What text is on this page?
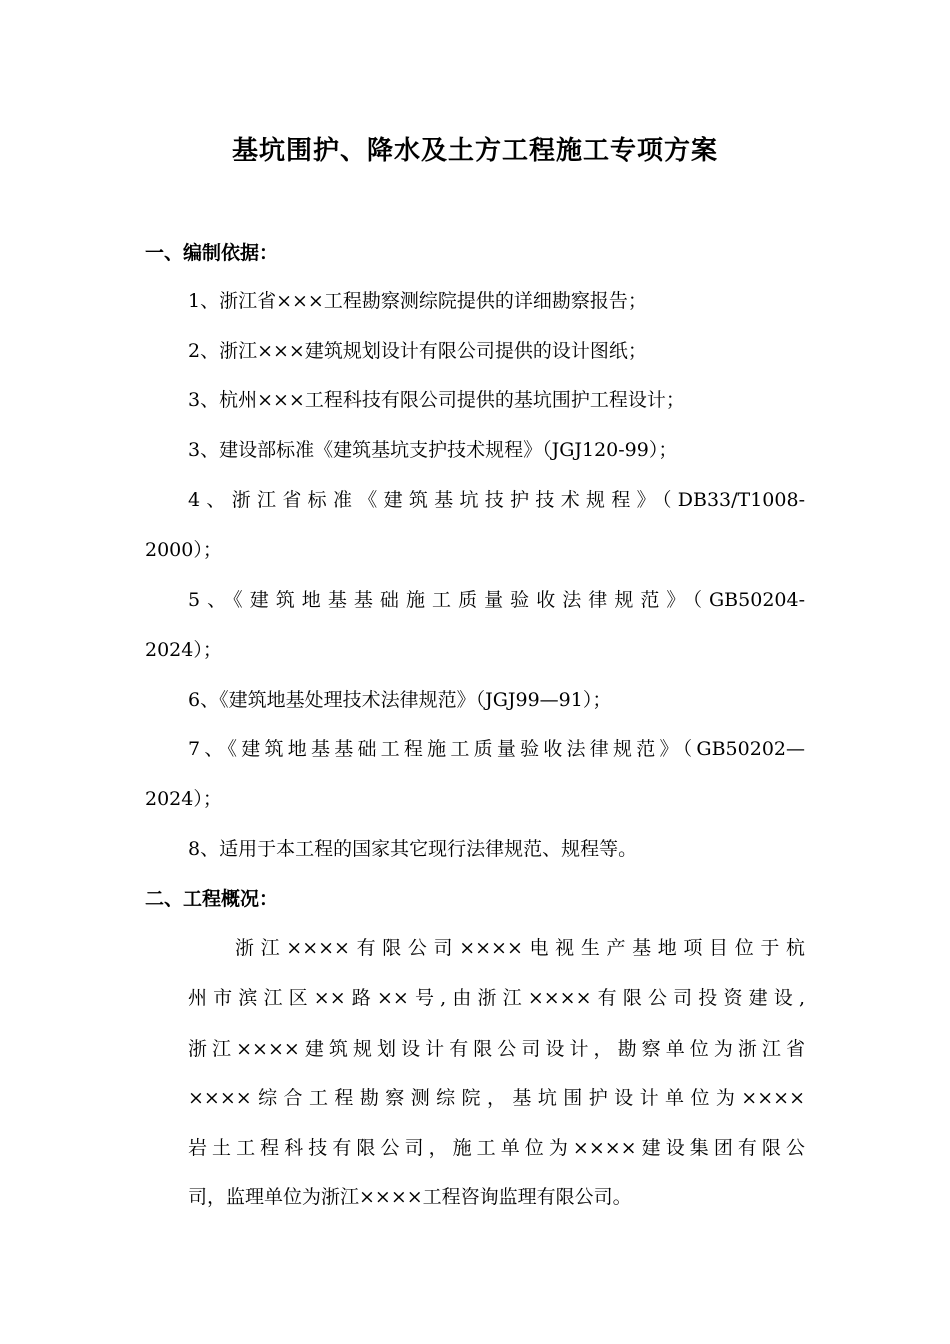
基坑围护、降水及土方工程施工专项方案
一、编制依据：
1、浙江省×××工程勘察测综院提供的详细勘察报告；
2、浙江×××建筑规划设计有限公司提供的设计图纸；
3、杭州×××工程科技有限公司提供的基坑围护工程设计；
3、建设部标准《建筑基坑支护技术规程》（JGJ120-99）；
4、浙江省标准《建筑基坑技护技术规程》（DB33/T1008-
2000）；
5、《建筑地基基础施工质量验收法律规范》（GB50204-
2024）；
6、《建筑地基处理技术法律规范》（JGJ99—91）；
7、《建筑地基基础工程施工质量验收法律规范》（GB50202—
2024）；
8、适用于本工程的国家其它现行法律规范、规程等。
二、工程概况：
浙江××××有限公司××××电视生产基地项目位于杭
州市滨江区××路××号,由浙江××××有限公司投资建设,
浙江××××建筑规划设计有限公司设计，勘察单位为浙江省
××××综合工程勘察测综院，基坑围护设计单位为××××
岩土工程科技有限公司，施工单位为××××建设集团有限公
司，监理单位为浙江××××工程咨询监理有限公司。
